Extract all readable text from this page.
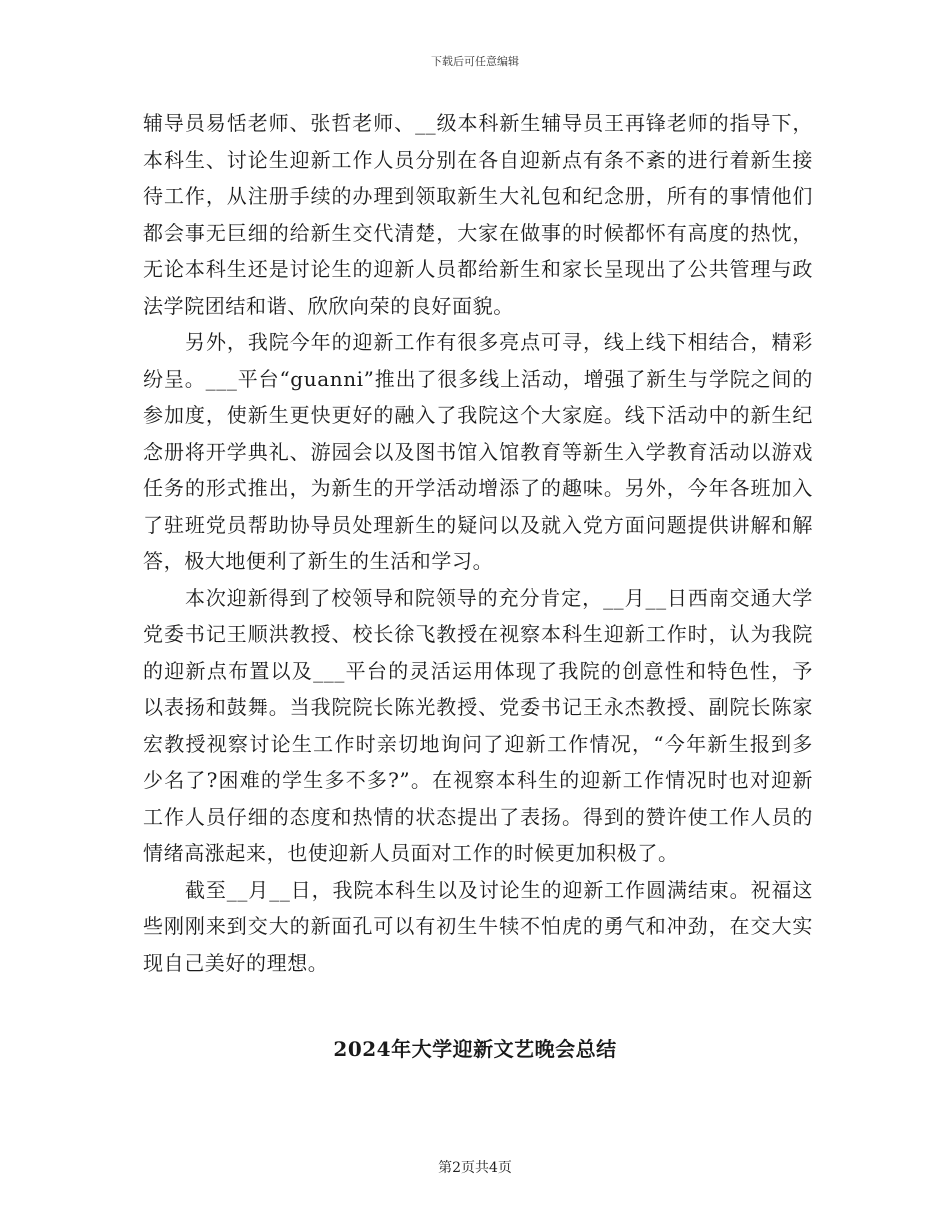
下载后可任意编辑

辅导员易恬老师、张哲老师、__级本科新生辅导员王再锋老师的指导下，本科生、讨论生迎新工作人员分别在各自迎新点有条不紊的进行着新生接待工作，从注册手续的办理到领取新生大礼包和纪念册，所有的事情他们都会事无巨细的给新生交代清楚，大家在做事的时候都怀有高度的热忱，无论本科生还是讨论生的迎新人员都给新生和家长呈现出了公共管理与政法学院团结和谐、欣欣向荣的良好面貌。

另外，我院今年的迎新工作有很多亮点可寻，线上线下相结合，精彩纷呈。___平台“guanni”推出了很多线上活动，增强了新生与学院之间的参加度，使新生更快更好的融入了我院这个大家庭。线下活动中的新生纪念册将开学典礼、游园会以及图书馆入馆教育等新生入学教育活动以游戏任务的形式推出，为新生的开学活动增添了的趣味。另外，今年各班加入了驻班党员帮助协导员处理新生的疑问以及就入党方面问题提供讲解和解答，极大地便利了新生的生活和学习。

本次迎新得到了校领导和院领导的充分肯定，__月__日西南交通大学党委书记王顺洪教授、校长徐飞教授在视察本科生迎新工作时，认为我院的迎新点布置以及___平台的灵活运用体现了我院的创意性和特色性，予以表扬和鼓舞。当我院院长陈光教授、党委书记王永杰教授、副院长陈家宏教授视察讨论生工作时亲切地询问了迎新工作情况，“今年新生报到多少名了?困难的学生多不多?”。在视察本科生的迎新工作情况时也对迎新工作人员仔细的态度和热情的状态提出了表扬。得到的赞许使工作人员的情绪高涨起来，也使迎新人员面对工作的时候更加积极了。

截至__月__日，我院本科生以及讨论生的迎新工作圆满结束。祝福这些刚刚来到交大的新面孔可以有初生牛犊不怕虎的勇气和冲劲，在交大实现自己美好的理想。

2024年大学迎新文艺晚会总结
第2页共4页
